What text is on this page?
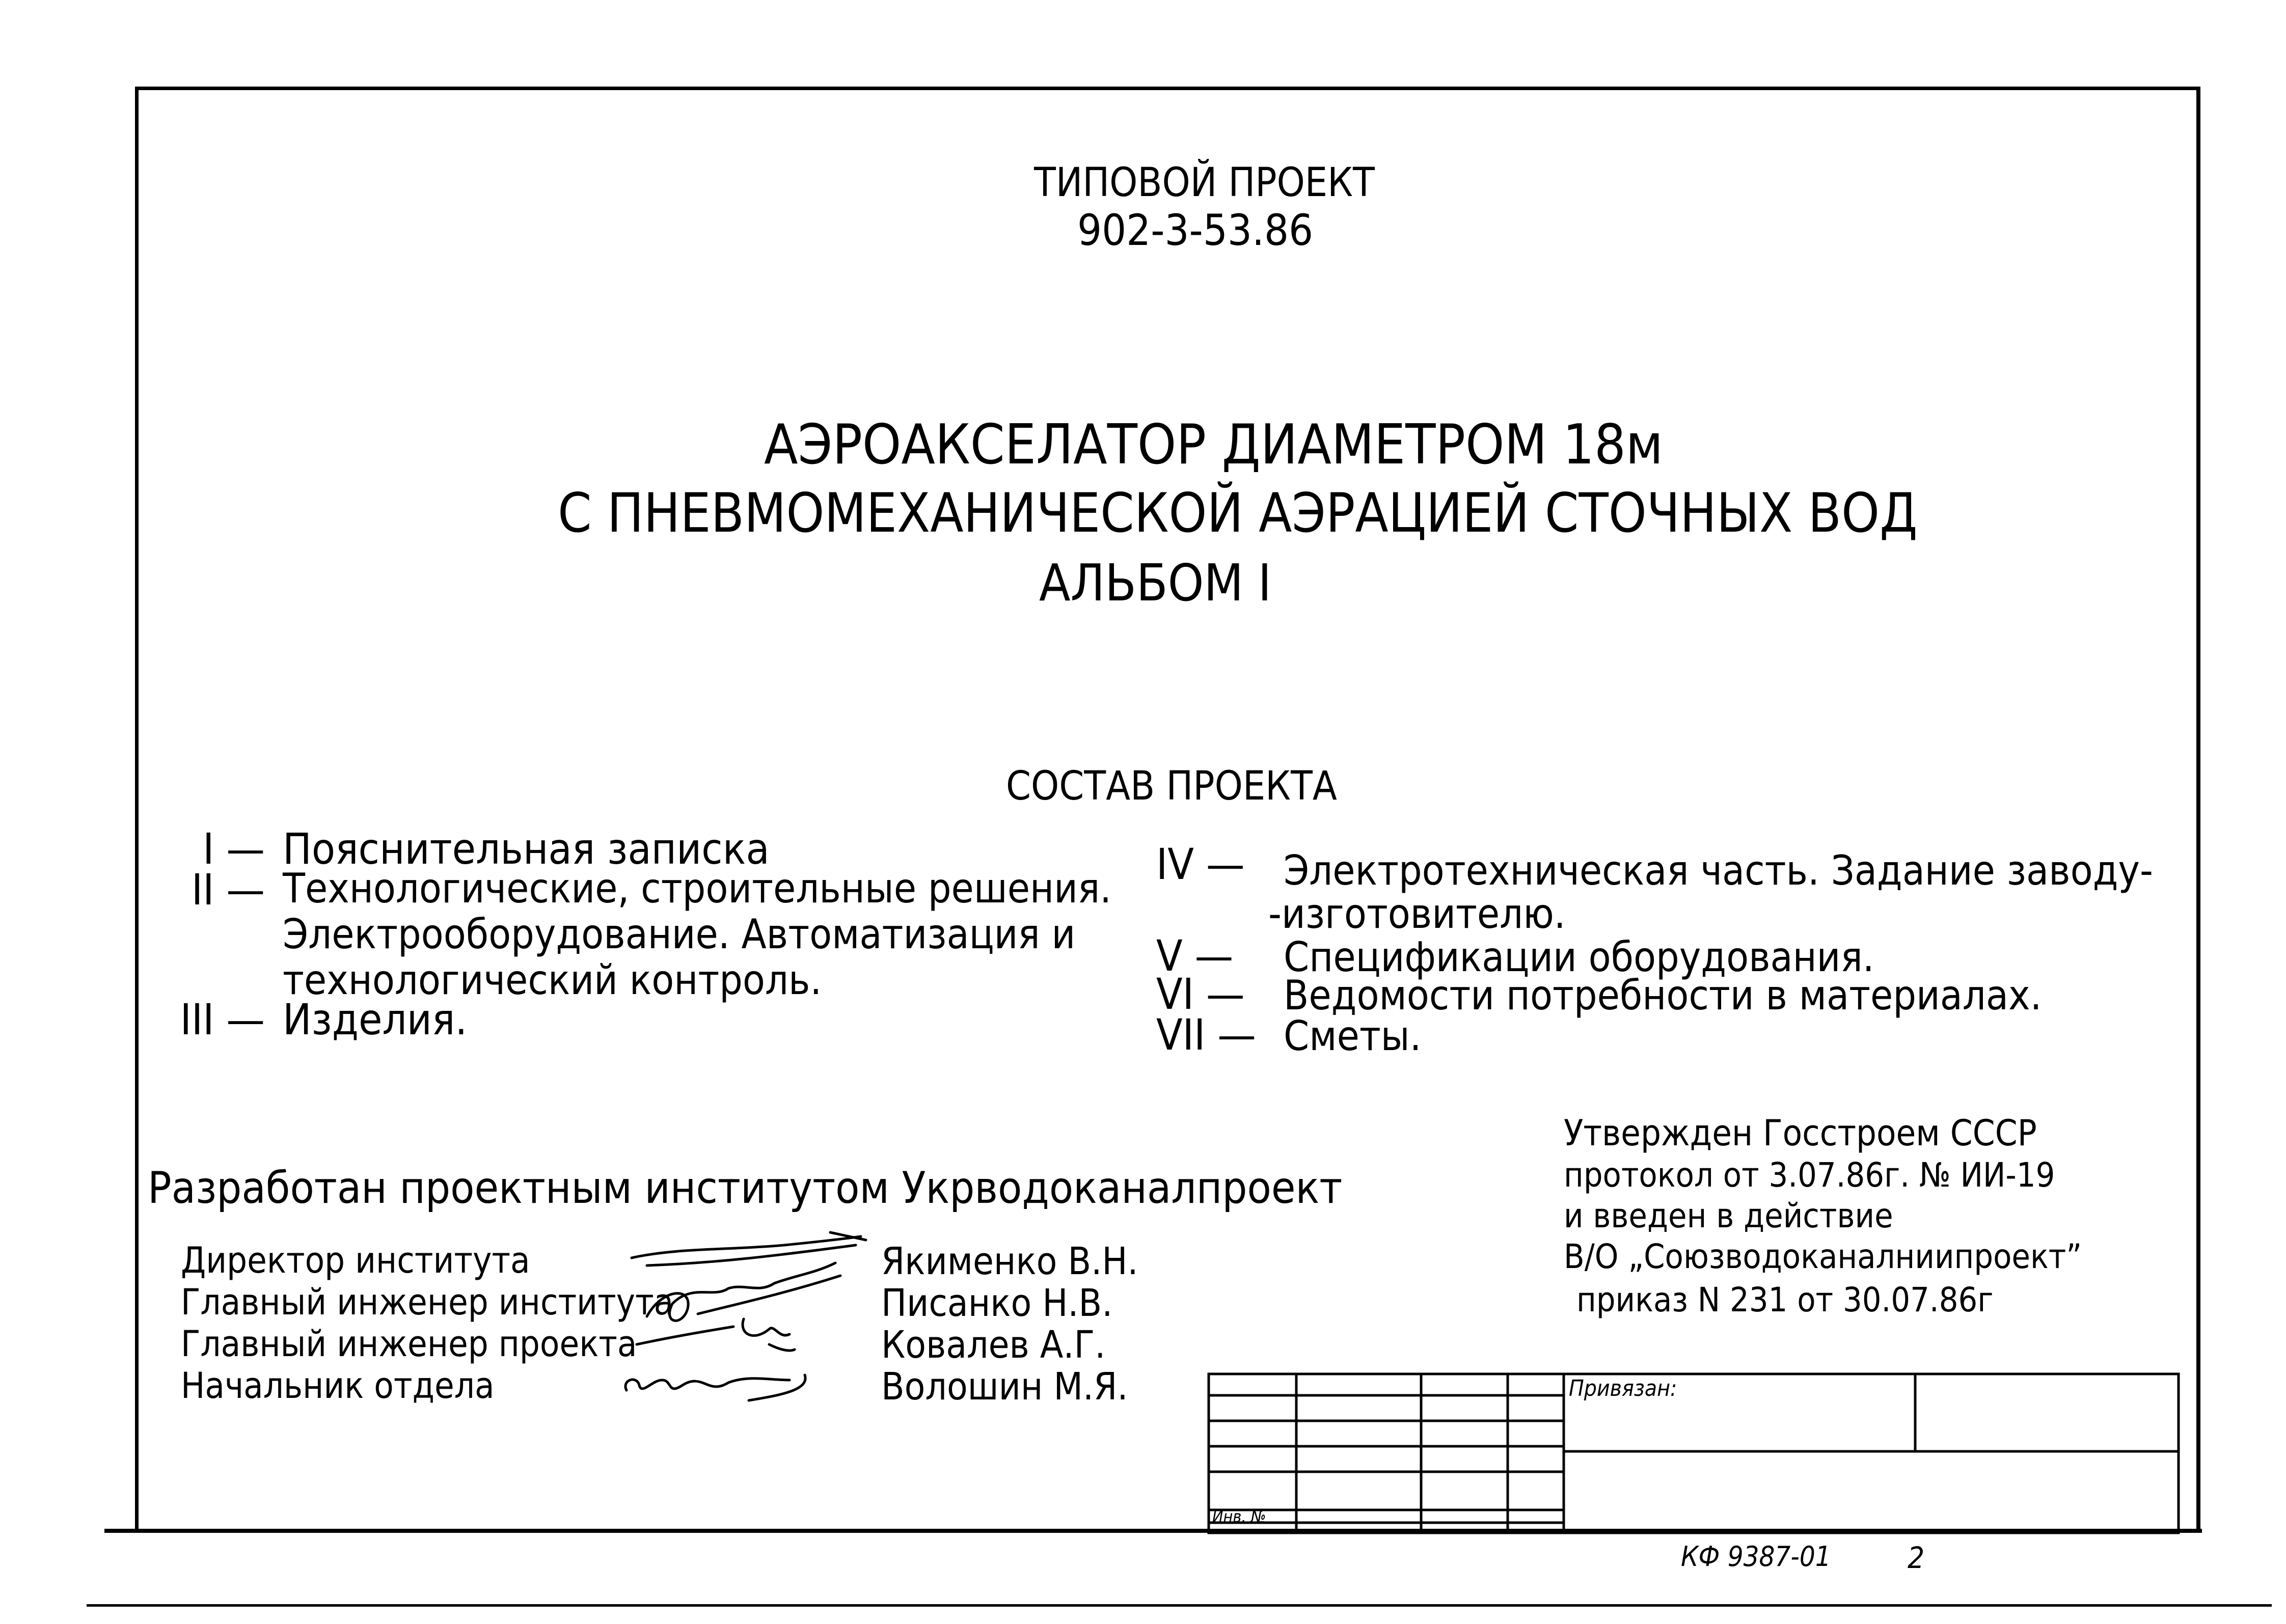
ТИПОВОЙ ПРОЕКТ
902-3-53.86
АЭРОАКСЕЛАТОР ДИАМЕТРОМ 18м
С ПНЕВМОМЕХАНИЧЕСКОЙ АЭРАЦИЕЙ СТОЧНЫХ ВОД
АЛЬБОМ I
СОСТАВ ПРОЕКТА
I — Пояснительная записка
II — Технологические, строительные решения.
Электрооборудование. Автоматизация и
технологический контроль.
III — Изделия.
IV — Электротехническая часть. Задание заводу-
-изготовителю.
V — Спецификации оборудования.
VI — Ведомости потребности в материалах.
VII — Сметы.
Утвержден Госстроем СССР
протокол от 3.07.86г. № ИИ-19
и введен в действие
В/О „Союзводоканалниипроект”
приказ N 231 от 30.07.86г
Разработан проектным институтом Укрводоканалпроект
Директор института	Якименко В.Н.
Главный инженер института	Писанко Н.В.
Главный инженер проекта	Ковалев А.Г.
Начальник отдела	Волошин М.Я.	Привязан:
Инв. №
КФ 9387-01	2
